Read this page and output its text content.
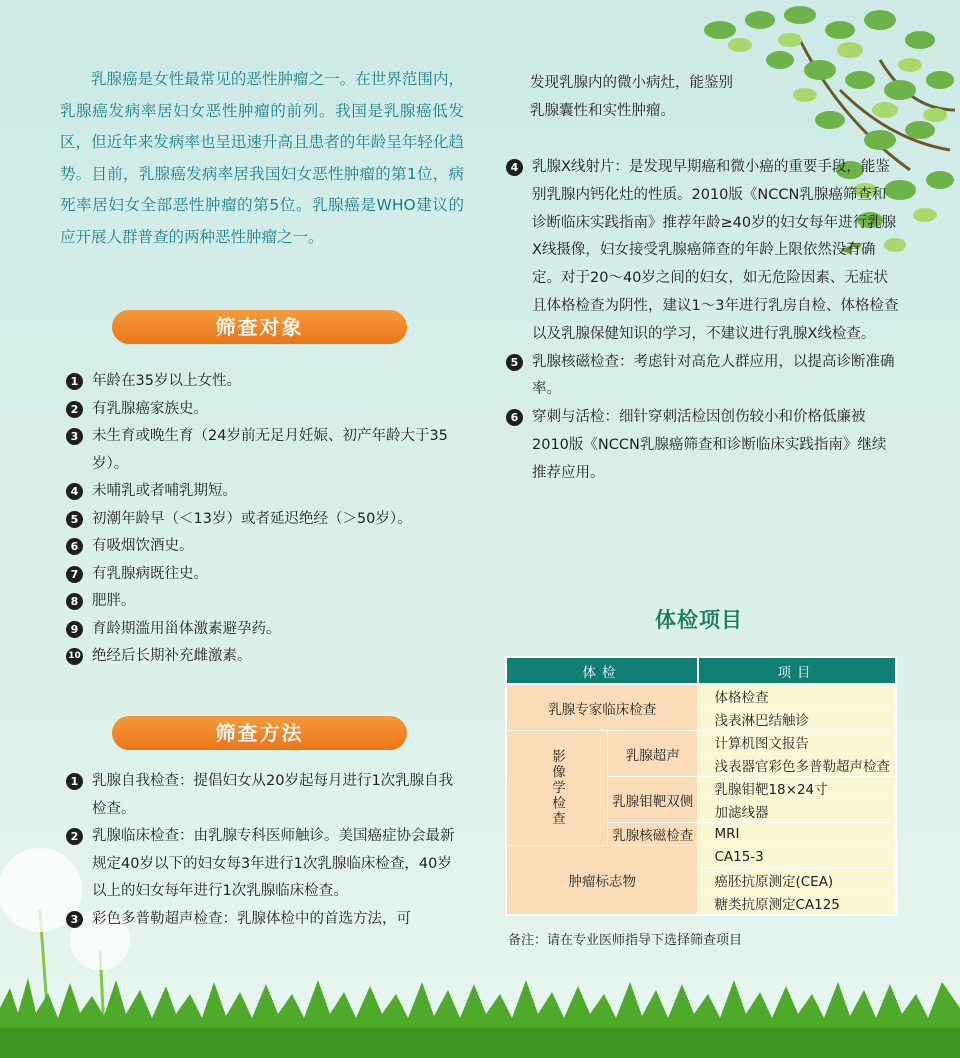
乳腺癌是女性最常见的恶性肿瘤之一。在世界范围内，乳腺癌发病率居妇女恶性肿瘤的前列。我国是乳腺癌低发区，但近年来发病率也呈迅速升高且患者的年龄呈年轻化趋势。目前，乳腺癌发病率居我国妇女恶性肿瘤的第1位，病死率居妇女全部恶性肿瘤的第5位。乳腺癌是WHO建议的应开展人群普查的两种恶性肿瘤之一。

筛查对象
1 年龄在35岁以上女性。
2 有乳腺癌家族史。
3 未生育或晚生育（24岁前无足月妊娠、初产年龄大于35岁）。
4 未哺乳或者哺乳期短。
5 初潮年龄早（＜13岁）或者延迟绝经（＞50岁）。
6 有吸烟饮酒史。
7 有乳腺病既往史。
8 肥胖。
9 育龄期滥用甾体激素避孕药。
10 绝经后长期补充雌激素。
筛查方法
1 乳腺自我检查：提倡妇女从20岁起每月进行1次乳腺自我检查。
2 乳腺临床检查：由乳腺专科医师触诊。美国癌症协会最新规定40岁以下的妇女每3年进行1次乳腺临床检查，40岁以上的妇女每年进行1次乳腺临床检查。
3 彩色多普勒超声检查：乳腺体检中的首选方法，可

发现乳腺内的微小病灶，能鉴别乳腺囊性和实性肿瘤。

4 乳腺X线射片：是发现早期癌和微小癌的重要手段，能鉴别乳腺内钙化灶的性质。2010版《NCCN乳腺癌筛查和诊断临床实践指南》推荐年龄≥40岁的妇女每年进行乳腺X线摄像，妇女接受乳腺癌筛查的年龄上限依然没有确定。对于20～40岁之间的妇女，如无危险因素、无症状且体格检查为阴性，建议1～3年进行乳房自检、体格检查以及乳腺保健知识的学习，不建议进行乳腺X线检查。
5 乳腺核磁检查：考虑针对高危人群应用，以提高诊断准确率。
6 穿刺与活检：细针穿刺活检因创伤较小和价格低廉被2010版《NCCN乳腺癌筛查和诊断临床实践指南》继续推荐应用。
体检项目
体检		项目
乳腺专家临床检查		体格检查
		浅表淋巴结触诊
影像学检查	乳腺超声	计算机图文报告
		浅表器官彩色多普勒超声检查
	乳腺钼靶双侧	乳腺钼靶18×24寸
		加滤线器
	乳腺核磁检查	MRI
肿瘤标志物		CA15-3
		癌胚抗原测定(CEA)
		糖类抗原测定CA125
备注：请在专业医师指导下选择筛查项目
